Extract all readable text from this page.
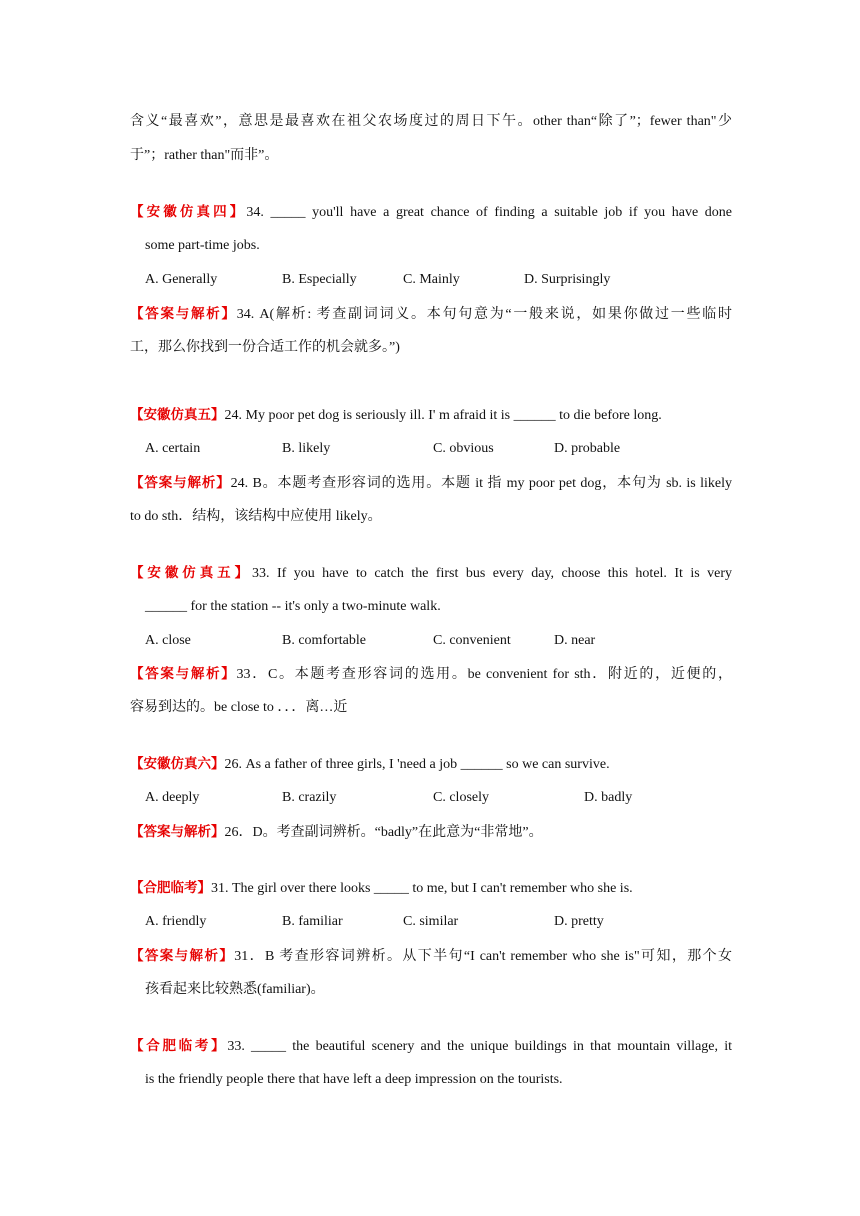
含义“最喜欢”，意思是最喜欢在祖父农场度过的周日下午。other than“除了”；fewer than"少
于”；rather than"而非”。
【安徽仿真四】34. _____ you'll have a great chance of finding a suitable job if you have done
some part-time jobs.
A. Generally	B. Especially	C. Mainly	D. Surprisingly
【答案与解析】34. A(解析: 考查副词词义。本句句意为“一般来说，如果你做过一些临时
工，那么你找到一份合适工作的机会就多。”)
【安徽仿真五】24. My poor pet dog is seriously ill. I' m afraid it is ______ to die before long.
A. certain	B. likely	C. obvious	D. probable
【答案与解析】24. B。本题考查形容词的选用。本题 it 指 my poor pet dog，本句为 sb. is likely
to do sth．结构，该结构中应使用 likely。
【安徽仿真五】33. If you have to catch the first bus every day, choose this hotel. It is very
______ for the station -- it's only a two-minute walk.
A. close	B. comfortable	C. convenient	D. near
【答案与解析】33．C。本题考查形容词的选用。be convenient for sth．附近的，近便的，
容易到达的。be close to ．．．离…近
【安徽仿真六】26. As a father of three girls, I 'need a job ______ so we can survive.
A. deeply	B. crazily	C. closely	D. badly
【答案与解析】26．D。考查副词辨析。“badly”在此意为“非常地”。
【合肥临考】31. The girl over there looks _____ to me, but I can't remember who she is.
A. friendly	B. familiar	C. similar	D. pretty
【答案与解析】31．B 考查形容词辨析。从下半句“I can't remember who she is"可知，那个女
孩看起来比较熟悉(familiar)。
【合肥临考】33. _____ the beautiful scenery and the unique buildings in that mountain village, it
is the friendly people there that have left a deep impression on the tourists.
